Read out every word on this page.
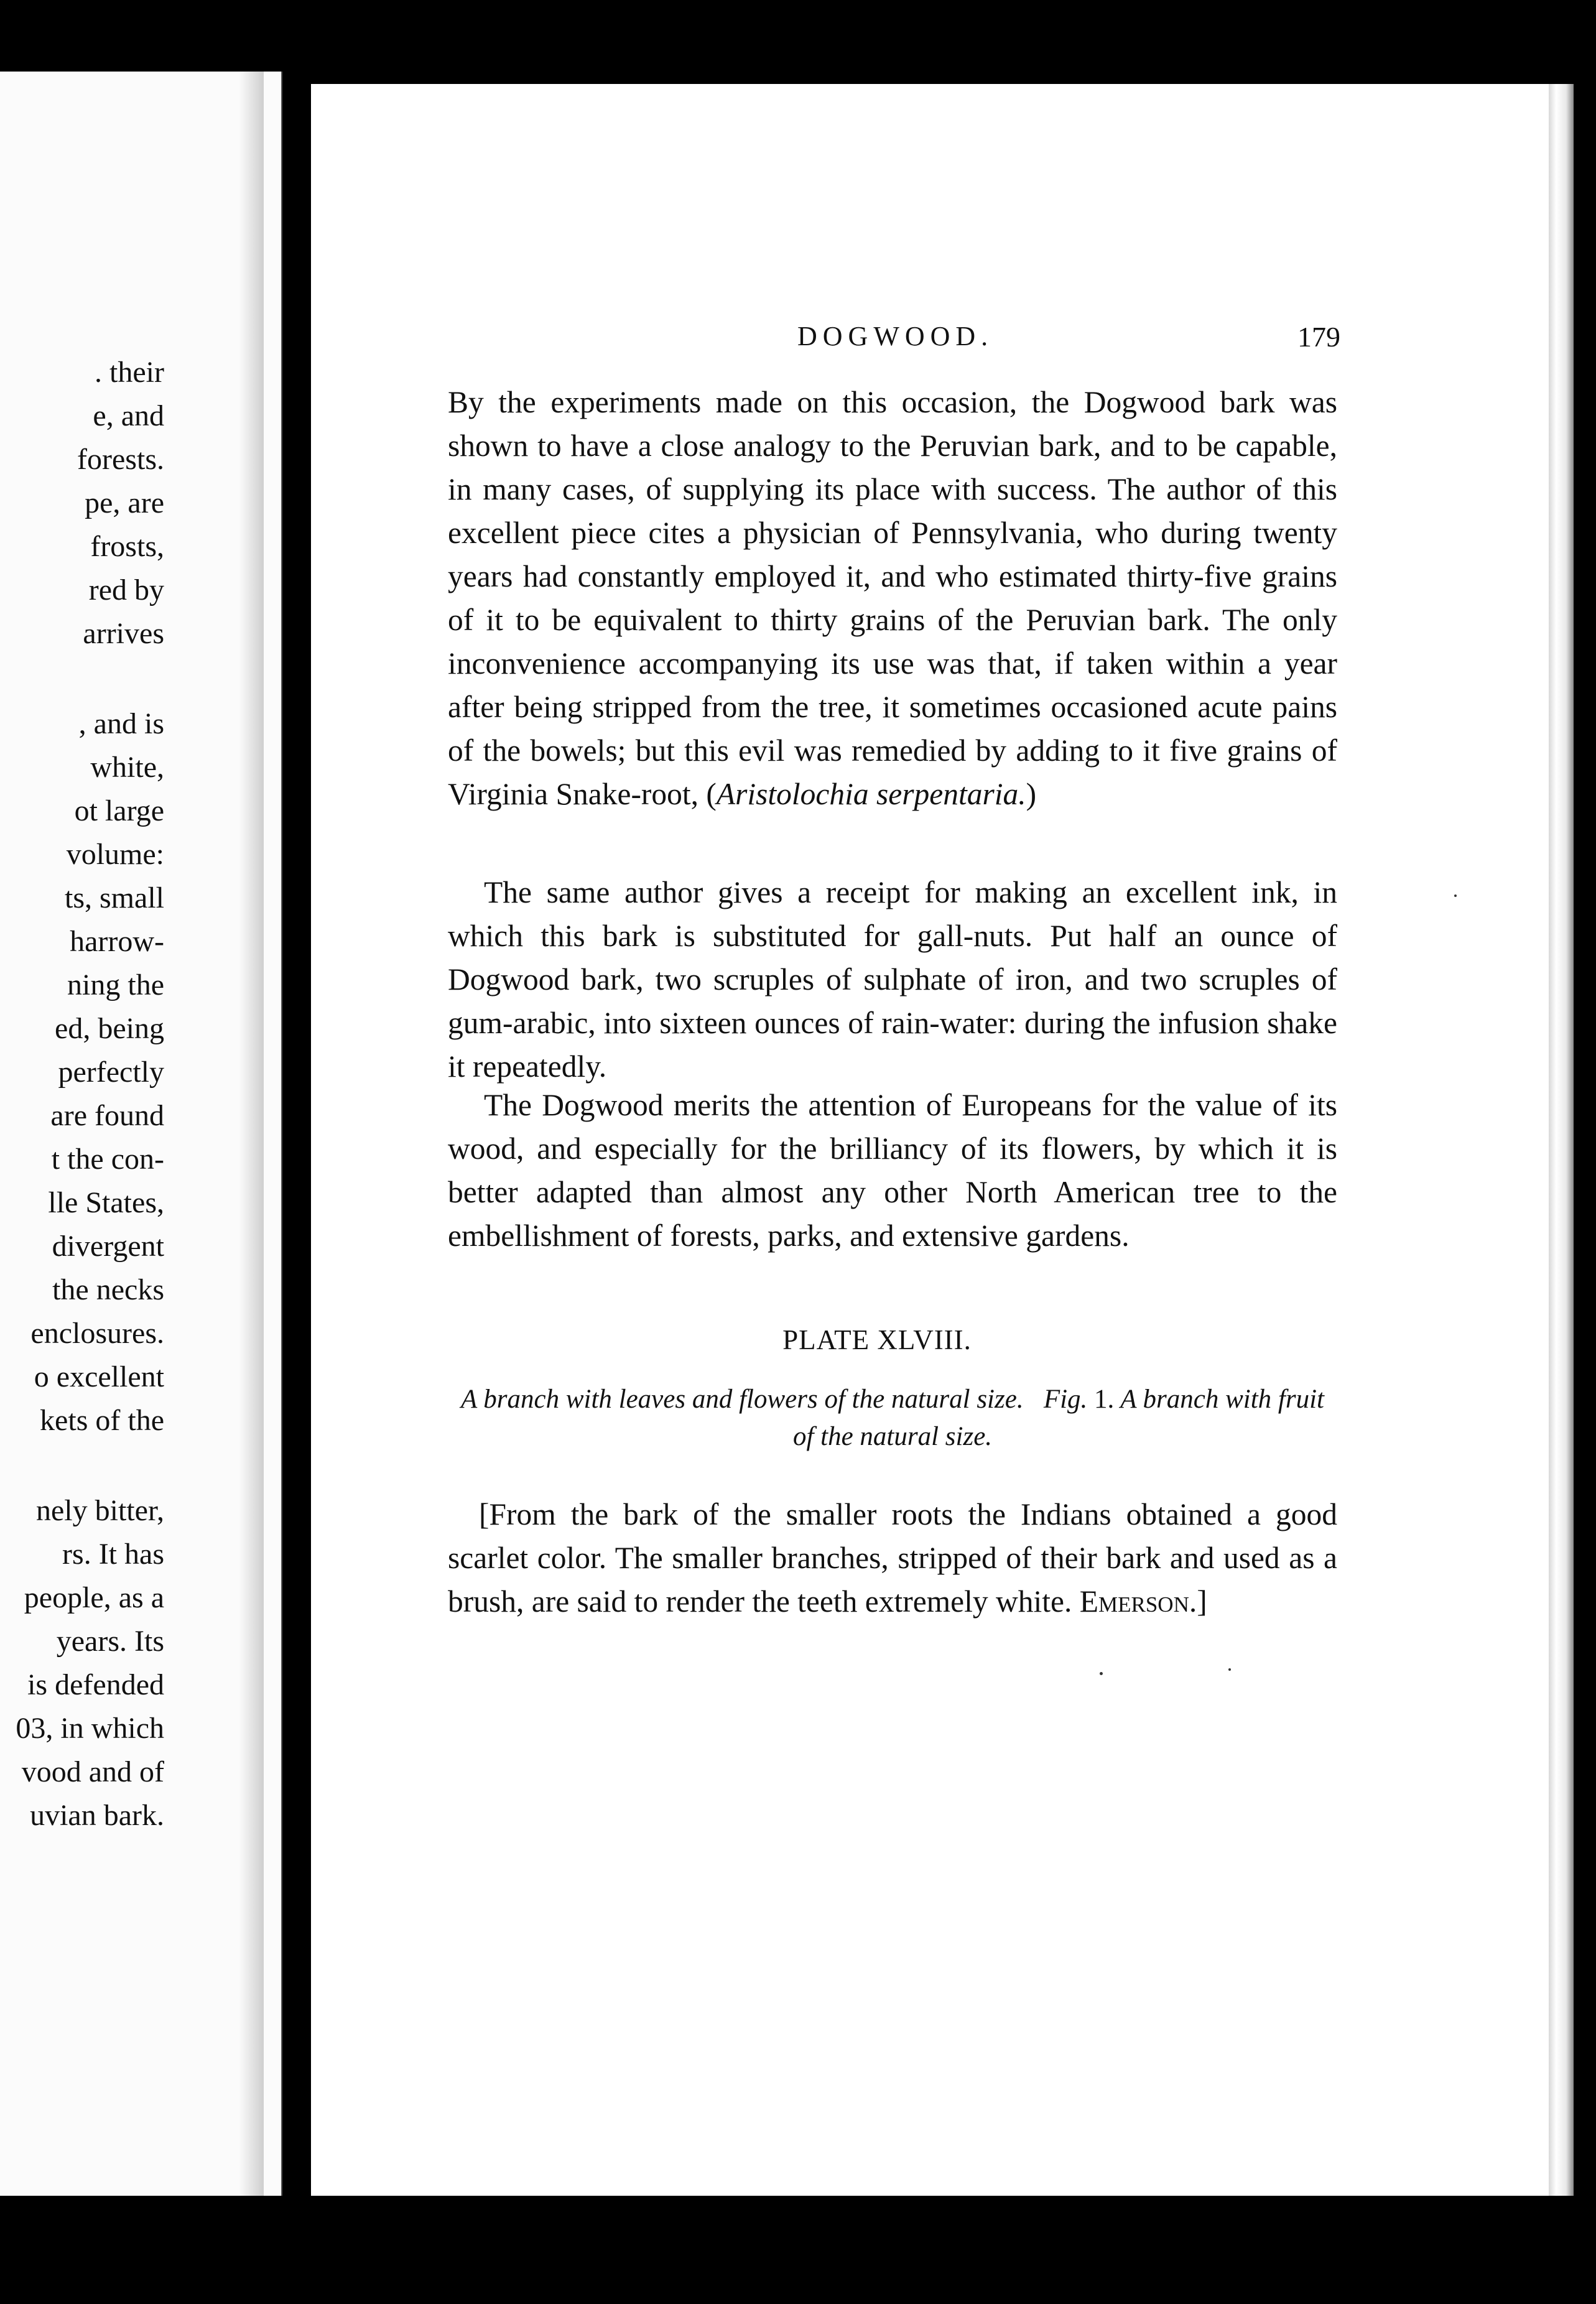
. their
e, and
forests.
pe, are
frosts,
red by
arrives
, and is
white,
ot large
volume:
ts, small
harrow-
ning the
ed, being
perfectly
are found
t the con-
lle States,
divergent
the necks
enclosures.
o excellent
kets of the
nely bitter,
rs. It has
people, as a
years. Its
is defended
03, in which
vood and of
uvian bark.
DOGWOOD.	179

By the experiments made on this occasion, the Dogwood bark was shown to have a close analogy to the Peruvian bark, and to be capable, in many cases, of supplying its place with success. The author of this excellent piece cites a physician of Pennsylvania, who during twenty years had constantly employed it, and who estimated thirty-five grains of it to be equivalent to thirty grains of the Peruvian bark. The only inconvenience accompanying its use was that, if taken within a year after being stripped from the tree, it sometimes occasioned acute pains of the bowels; but this evil was remedied by adding to it five grains of Virginia Snake-root, (Aristolochia serpentaria.)

The same author gives a receipt for making an excellent ink, in which this bark is substituted for gall-nuts. Put half an ounce of Dogwood bark, two scruples of sulphate of iron, and two scruples of gum-arabic, into sixteen ounces of rain-water: during the infusion shake it repeatedly.

The Dogwood merits the attention of Europeans for the value of its wood, and especially for the brilliancy of its flowers, by which it is better adapted than almost any other North American tree to the embellishment of forests, parks, and extensive gardens.

PLATE XLVIII.
A branch with leaves and flowers of the natural size. Fig. 1. A branch with fruit of the natural size.

[From the bark of the smaller roots the Indians obtained a good scarlet color. The smaller branches, stripped of their bark and used as a brush, are said to render the teeth extremely white. Emerson.]
